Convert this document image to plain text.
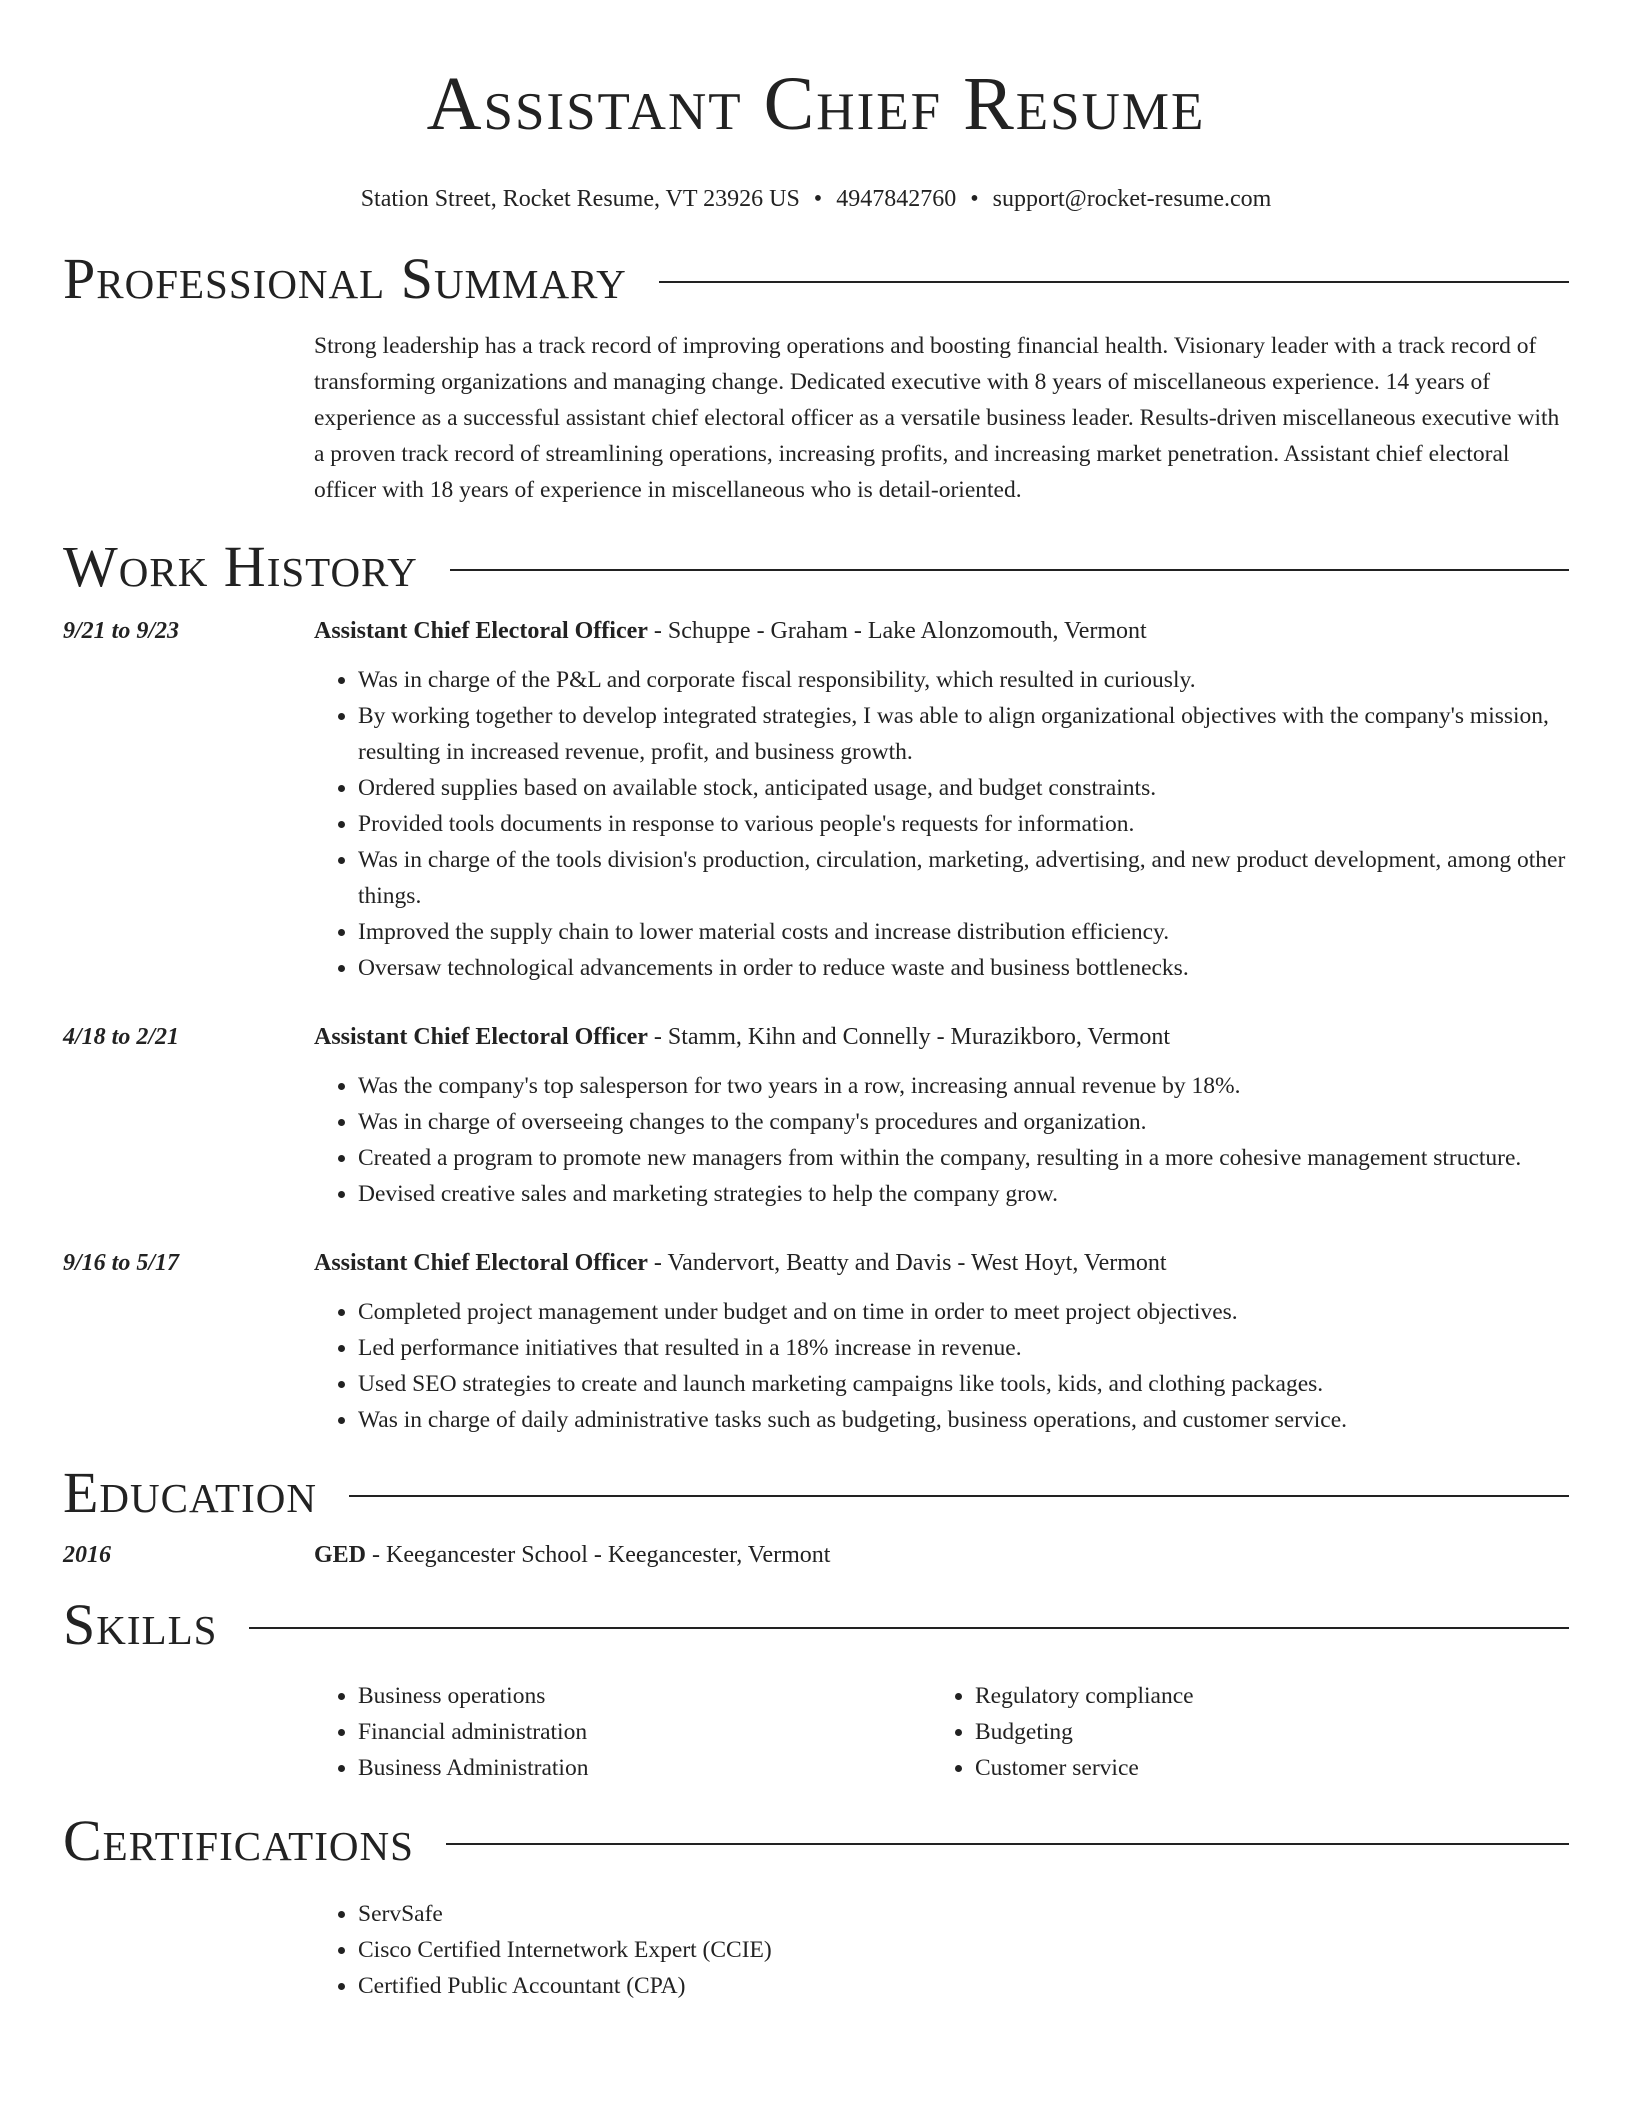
Assistant Chief Resume
Station Street, Rocket Resume, VT 23926 US • 4947842760 • support@rocket-resume.com
Professional Summary
Strong leadership has a track record of improving operations and boosting financial health. Visionary leader with a track record of transforming organizations and managing change. Dedicated executive with 8 years of miscellaneous experience. 14 years of experience as a successful assistant chief electoral officer as a versatile business leader. Results-driven miscellaneous executive with a proven track record of streamlining operations, increasing profits, and increasing market penetration. Assistant chief electoral officer with 18 years of experience in miscellaneous who is detail-oriented.
Work History
9/21 to 9/23	Assistant Chief Electoral Officer - Schuppe - Graham - Lake Alonzomouth, Vermont
• Was in charge of the P&L and corporate fiscal responsibility, which resulted in curiously.
• By working together to develop integrated strategies, I was able to align organizational objectives with the company's mission, resulting in increased revenue, profit, and business growth.
• Ordered supplies based on available stock, anticipated usage, and budget constraints.
• Provided tools documents in response to various people's requests for information.
• Was in charge of the tools division's production, circulation, marketing, advertising, and new product development, among other things.
• Improved the supply chain to lower material costs and increase distribution efficiency.
• Oversaw technological advancements in order to reduce waste and business bottlenecks.
4/18 to 2/21	Assistant Chief Electoral Officer - Stamm, Kihn and Connelly - Murazikboro, Vermont
• Was the company's top salesperson for two years in a row, increasing annual revenue by 18%.
• Was in charge of overseeing changes to the company's procedures and organization.
• Created a program to promote new managers from within the company, resulting in a more cohesive management structure.
• Devised creative sales and marketing strategies to help the company grow.
9/16 to 5/17	Assistant Chief Electoral Officer - Vandervort, Beatty and Davis - West Hoyt, Vermont
• Completed project management under budget and on time in order to meet project objectives.
• Led performance initiatives that resulted in a 18% increase in revenue.
• Used SEO strategies to create and launch marketing campaigns like tools, kids, and clothing packages.
• Was in charge of daily administrative tasks such as budgeting, business operations, and customer service.
Education
2016	GED - Keegancester School - Keegancester, Vermont
Skills
• Business operations
• Financial administration
• Business Administration
• Regulatory compliance
• Budgeting
• Customer service
Certifications
• ServSafe
• Cisco Certified Internetwork Expert (CCIE)
• Certified Public Accountant (CPA)
